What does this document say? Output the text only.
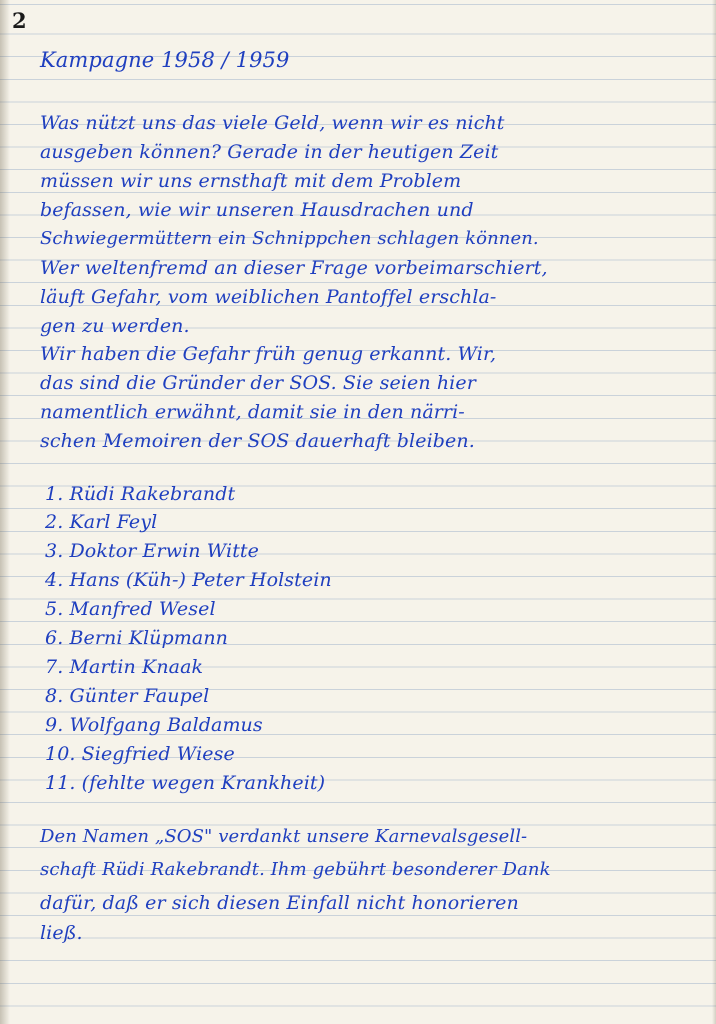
2
Kampagne 1958 / 1959
Was nützt uns das viele Geld, wenn wir es nicht
ausgeben können? Gerade in der heutigen Zeit
müssen wir uns ernsthaft mit dem Problem
befassen, wie wir unseren Hausdrachen und
Schwiegermüttern ein Schnippchen schlagen können.
Wer weltenfremd an dieser Frage vorbeimarschiert,
läuft Gefahr, vom weiblichen Pantoffel erschla-
gen zu werden.
Wir haben die Gefahr früh genug erkannt. Wir,
das sind die Gründer der SOS. Sie seien hier
namentlich erwähnt, damit sie in den närri-
schen Memoiren der SOS dauerhaft bleiben.
1. Rüdi Rakebrandt
2. Karl Feyl
3. Doktor Erwin Witte
4. Hans (Küh-) Peter Holstein
5. Manfred Wesel
6. Berni Klüpmann
7. Martin Knaak
8. Günter Faupel
9. Wolfgang Baldamus
10. Siegfried Wiese
11. (fehlte wegen Krankheit)
Den Namen „SOS" verdankt unsere Karnevalsgesell-
schaft Rüdi Rakebrandt. Ihm gebührt besonderer Dank
dafür, daß er sich diesen Einfall nicht honorieren
ließ.
